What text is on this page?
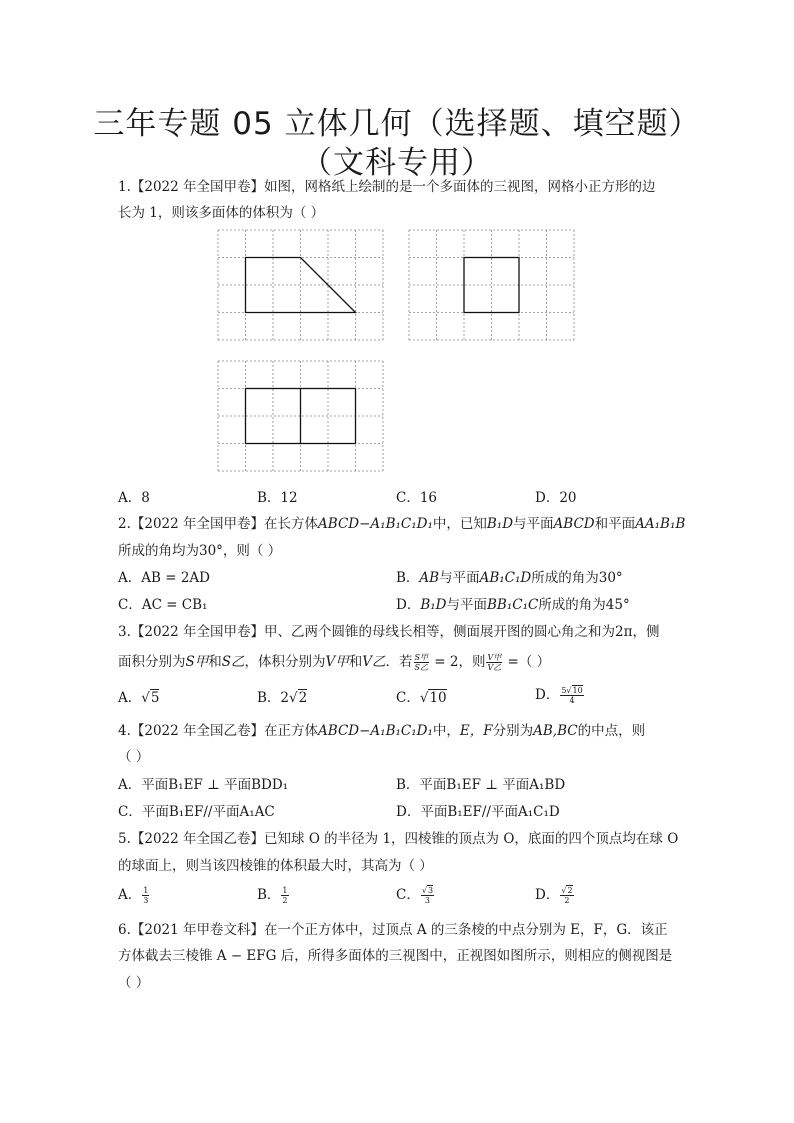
三年专题 05 立体几何（选择题、填空题）
（文科专用）
1.【2022 年全国甲卷】如图，网格纸上绘制的是一个多面体的三视图，网格小正方形的边
长为 1，则该多面体的体积为（ ）
A．8	B．12	C．16	D．20
2.【2022 年全国甲卷】在长方体ABCD−A₁B₁C₁D₁中，已知B₁D与平面ABCD和平面AA₁B₁B
所成的角均为30°，则（ ）
A．AB = 2AD	B．AB与平面AB₁C₁D所成的角为30°
C．AC = CB₁	D．B₁D与平面BB₁C₁C所成的角为45°
3.【2022 年全国甲卷】甲、乙两个圆锥的母线长相等，侧面展开图的圆心角之和为2π，侧
面积分别为S甲和S乙，体积分别为V甲和V乙．若 $\frac{\text{S甲}}{\text{S乙}} = 2$，则 $\frac{\text{V甲}}{\text{V乙}}$ =（ ）
A．√5	B．2√2	C．√10	D． $\frac{5√10}{4}$
4.【2022 年全国乙卷】在正方体ABCD−A₁B₁C₁D₁中，E，F分别为AB,BC的中点，则
（ ）
A．平面B₁EF ⊥ 平面BDD₁	B．平面B₁EF ⊥ 平面A₁BD
C．平面B₁EF//平面A₁AC	D．平面B₁EF//平面A₁C₁D
5.【2022 年全国乙卷】已知球 O 的半径为 1，四棱锥的顶点为 O，底面的四个顶点均在球 O
的球面上，则当该四棱锥的体积最大时，其高为（ ）
A． $\frac{1}{3}$	B． $\frac{1}{2}$	C． $\frac{√3}{3}$	D． $\frac{√2}{2}$
6.【2021 年甲卷文科】在一个正方体中，过顶点 A 的三条棱的中点分别为 E，F，G．该正
方体截去三棱锥 A − EFG 后，所得多面体的三视图中，正视图如图所示，则相应的侧视图是
（ ）
